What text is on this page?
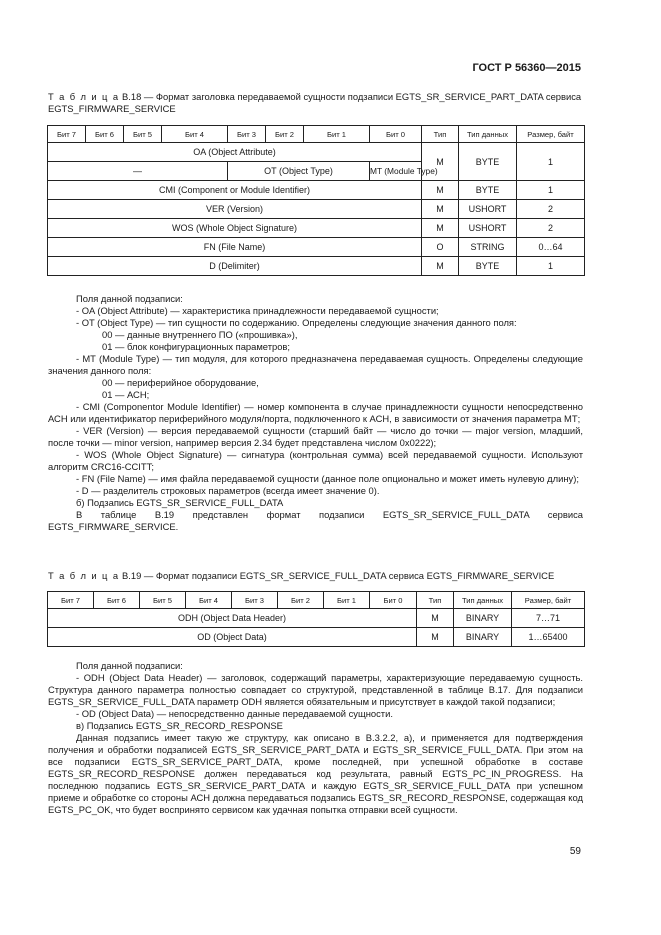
ГОСТ Р 56360—2015
Т а б л и ц а В.18 — Формат заголовка передаваемой сущности подзаписи EGTS_SR_SERVICE_PART_DATA сервиса EGTS_FIRMWARE_SERVICE
Бит 7	Бит 6	Бит 5	Бит 4	Бит 3	Бит 2	Бит 1	Бит 0	Тип	Тип данных	Размер, байт
OA (Object Attribute)								M	BYTE	1
—				OT (Object Type)			MT (Module Type)			
CMI (Component or Module Identifier)								M	BYTE	1
VER (Version)								M	USHORT	2
WOS (Whole Object Signature)								M	USHORT	2
FN (File Name)								O	STRING	0…64
D (Delimiter)								M	BYTE	1

Поля данной подзаписи:

- OA (Object Attribute) — характеристика принадлежности передаваемой сущности;

- OT (Object Type) — тип сущности по содержанию. Определены следующие значения данного поля:

00 — данные внутреннего ПО («прошивка»),

01 — блок конфигурационных параметров;

- MT (Module Type) — тип модуля, для которого предназначена передаваемая сущность. Определены следующие значения данного поля:

00 — периферийное оборудование,

01 — АСН;

- CMI (Componentor Module Identifier) — номер компонента в случае принадлежности сущности непосредственно АСН или идентификатор периферийного модуля/порта, подключенного к АСН, в зависимости от значения параметра МТ;

- VER (Version) — версия передаваемой сущности (старший байт — число до точки — major version, младший, после точки — minor version, например версия 2.34 будет представлена числом 0x0222);

- WOS (Whole Object Signature) — сигнатура (контрольная сумма) всей передаваемой сущности. Используют алгоритм CRC16-CCITT;

- FN (File Name) — имя файла передаваемой сущности (данное поле опционально и может иметь нулевую длину);

- D — разделитель строковых параметров (всегда имеет значение 0).

б) Подзапись EGTS_SR_SERVICE_FULL_DATA

В таблице В.19 представлен формат подзаписи EGTS_SR_SERVICE_FULL_DATA сервиса EGTS_FIRMWARE_SERVICE.

Т а б л и ц а В.19 — Формат подзаписи EGTS_SR_SERVICE_FULL_DATA сервиса EGTS_FIRMWARE_SERVICE
Бит 7	Бит 6	Бит 5	Бит 4	Бит 3	Бит 2	Бит 1	Бит 0	Тип	Тип данных	Размер, байт
ODH (Object Data Header)								M	BINARY	7…71
OD (Object Data)								M	BINARY	1…65400

Поля данной подзаписи:

- ODH (Object Data Header) — заголовок, содержащий параметры, характеризующие передаваемую сущность. Структура данного параметра полностью совпадает со структурой, представленной в таблице В.17. Для подзаписи EGTS_SR_SERVICE_FULL_DATA параметр ODH является обязательным и присутствует в каждой такой подзаписи;

- OD (Object Data) — непосредственно данные передаваемой сущности.

в) Подзапись EGTS_SR_RECORD_RESPONSE

Данная подзапись имеет такую же структуру, как описано в В.3.2.2, а), и применяется для подтверждения получения и обработки подзаписей EGTS_SR_SERVICE_PART_DATA и EGTS_SR_SERVICE_FULL_DATA. При этом на все подзаписи EGTS_SR_SERVICE_PART_DATA, кроме последней, при успешной обработке в составе EGTS_SR_RECORD_RESPONSE должен передаваться код результата, равный EGTS_PC_IN_PROGRESS. На последнюю подзапись EGTS_SR_SERVICE_PART_DATA и каждую EGTS_SR_SERVICE_FULL_DATA при успешном приеме и обработке со стороны АСН должна передаваться подзапись EGTS_SR_RECORD_RESPONSE, содержащая код EGTS_PC_OK, что будет воспринято сервисом как удачная попытка отправки всей сущности.

59
